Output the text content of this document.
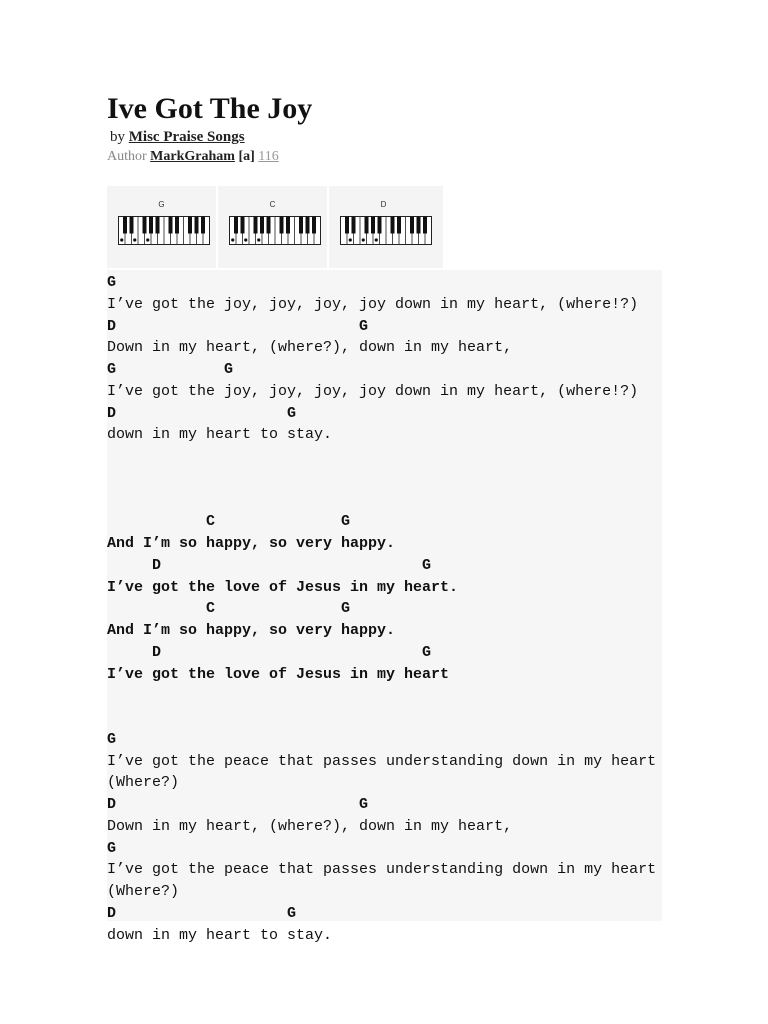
Ive Got The Joy
by Misc Praise Songs
Author MarkGraham [a] 116
G	C	D
G
I’ve got the joy, joy, joy, joy down in my heart, (where!?)
D                           G
Down in my heart, (where?), down in my heart,
G            G
I’ve got the joy, joy, joy, joy down in my heart, (where!?)
D                   G
down in my heart to stay.
C              G
And I’m so happy, so very happy.
D                             G
I’ve got the love of Jesus in my heart.
C              G
And I’m so happy, so very happy.
D                             G
I’ve got the love of Jesus in my heart
G
I’ve got the peace that passes understanding down in my heart
(Where?)
D                           G
Down in my heart, (where?), down in my heart,
G
I’ve got the peace that passes understanding down in my heart
(Where?)
D                   G
down in my heart to stay.
